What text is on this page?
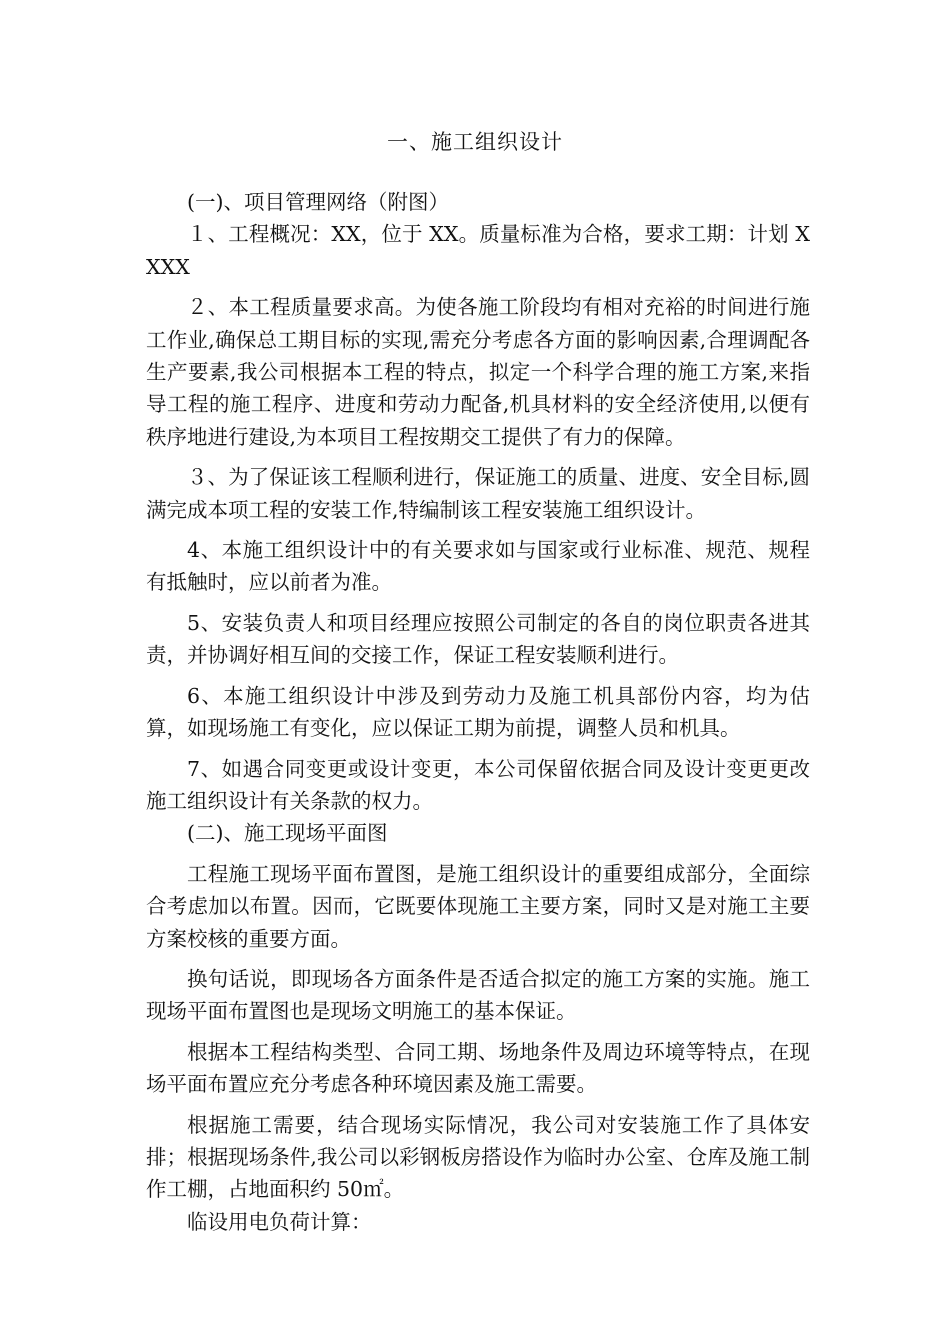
一、施工组织设计

(一)、项目管理网络（附图）

１、工程概况：XX，位于 XX。质量标准为合格，要求工期：计划 XXXX

２、本工程质量要求高。为使各施工阶段均有相对充裕的时间进行施工作业,确保总工期目标的实现,需充分考虑各方面的影响因素,合理调配各生产要素,我公司根据本工程的特点，拟定一个科学合理的施工方案,来指导工程的施工程序、进度和劳动力配备,机具材料的安全经济使用,以便有秩序地进行建设,为本项目工程按期交工提供了有力的保障。

３、为了保证该工程顺利进行，保证施工的质量、进度、安全目标,圆满完成本项工程的安装工作,特编制该工程安装施工组织设计。

4、本施工组织设计中的有关要求如与国家或行业标准、规范、规程有抵触时，应以前者为准。

5、安装负责人和项目经理应按照公司制定的各自的岗位职责各进其责，并协调好相互间的交接工作，保证工程安装顺利进行。

6、本施工组织设计中涉及到劳动力及施工机具部份内容，均为估算，如现场施工有变化，应以保证工期为前提，调整人员和机具。

7、如遇合同变更或设计变更，本公司保留依据合同及设计变更更改施工组织设计有关条款的权力。

(二)、施工现场平面图

工程施工现场平面布置图，是施工组织设计的重要组成部分，全面综合考虑加以布置。因而，它既要体现施工主要方案，同时又是对施工主要方案校核的重要方面。

换句话说，即现场各方面条件是否适合拟定的施工方案的实施。施工现场平面布置图也是现场文明施工的基本保证。

根据本工程结构类型、合同工期、场地条件及周边环境等特点，在现场平面布置应充分考虑各种环境因素及施工需要。

根据施工需要，结合现场实际情况，我公司对安装施工作了具体安排；根据现场条件,我公司以彩钢板房搭设作为临时办公室、仓库及施工制作工棚，占地面积约 50㎡。

临设用电负荷计算：
